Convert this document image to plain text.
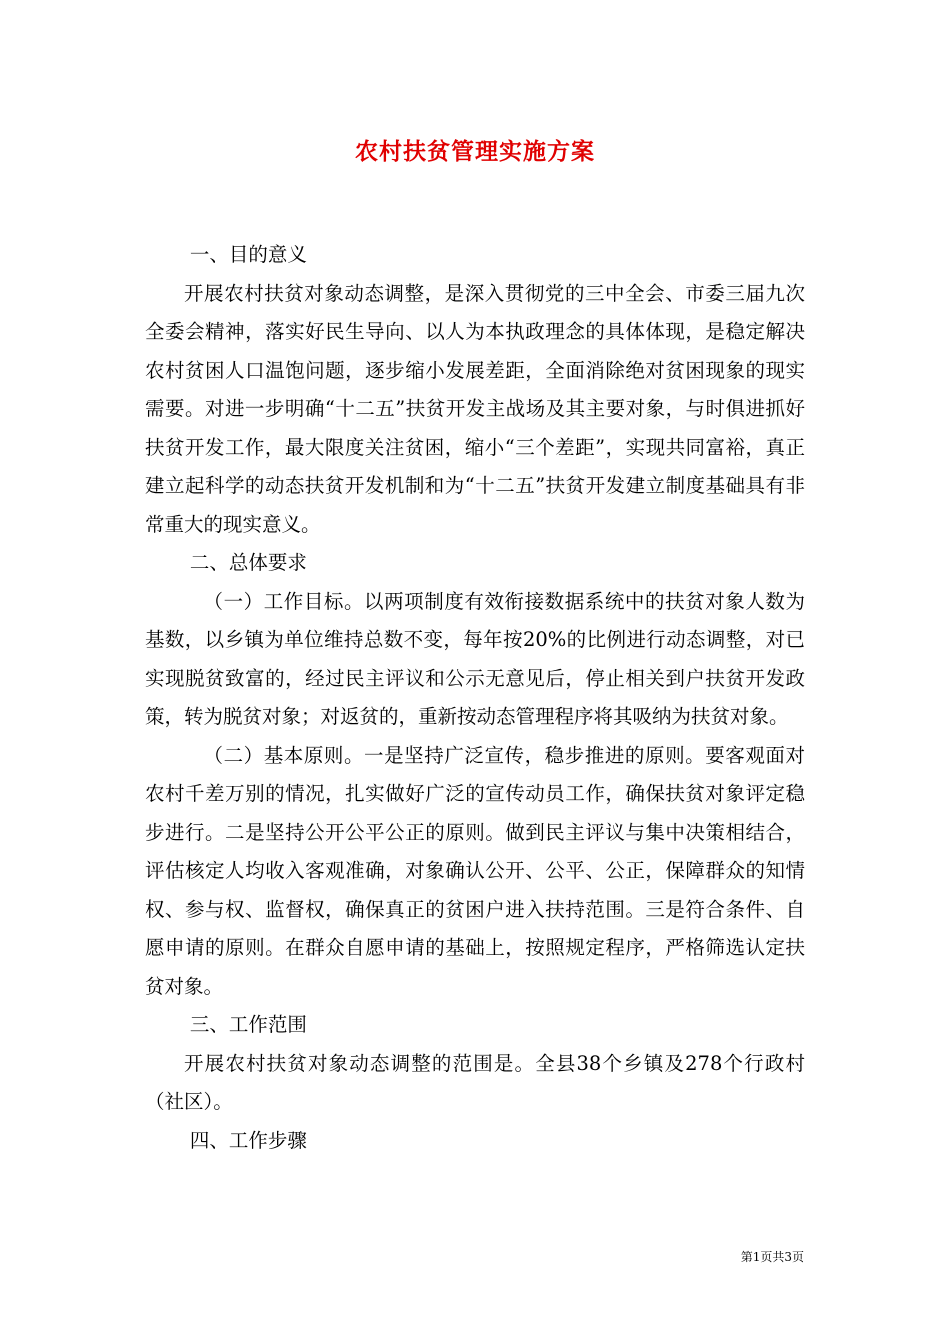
农村扶贫管理实施方案

一、目的意义

开展农村扶贫对象动态调整，是深入贯彻党的三中全会、市委三届九次全委会精神，落实好民生导向、以人为本执政理念的具体体现，是稳定解决农村贫困人口温饱问题，逐步缩小发展差距，全面消除绝对贫困现象的现实需要。对进一步明确“十二五”扶贫开发主战场及其主要对象，与时俱进抓好扶贫开发工作，最大限度关注贫困，缩小“三个差距”，实现共同富裕，真正建立起科学的动态扶贫开发机制和为“十二五”扶贫开发建立制度基础具有非常重大的现实意义。

二、总体要求

（一）工作目标。以两项制度有效衔接数据系统中的扶贫对象人数为基数，以乡镇为单位维持总数不变，每年按20%的比例进行动态调整，对已实现脱贫致富的，经过民主评议和公示无意见后，停止相关到户扶贫开发政策，转为脱贫对象；对返贫的，重新按动态管理程序将其吸纳为扶贫对象。

（二）基本原则。一是坚持广泛宣传，稳步推进的原则。要客观面对农村千差万别的情况，扎实做好广泛的宣传动员工作，确保扶贫对象评定稳步进行。二是坚持公开公平公正的原则。做到民主评议与集中决策相结合，评估核定人均收入客观准确，对象确认公开、公平、公正，保障群众的知情权、参与权、监督权，确保真正的贫困户进入扶持范围。三是符合条件、自愿申请的原则。在群众自愿申请的基础上，按照规定程序，严格筛选认定扶贫对象。

三、工作范围

开展农村扶贫对象动态调整的范围是。全县38个乡镇及278个行政村（社区）。

四、工作步骤

第1页共3页
